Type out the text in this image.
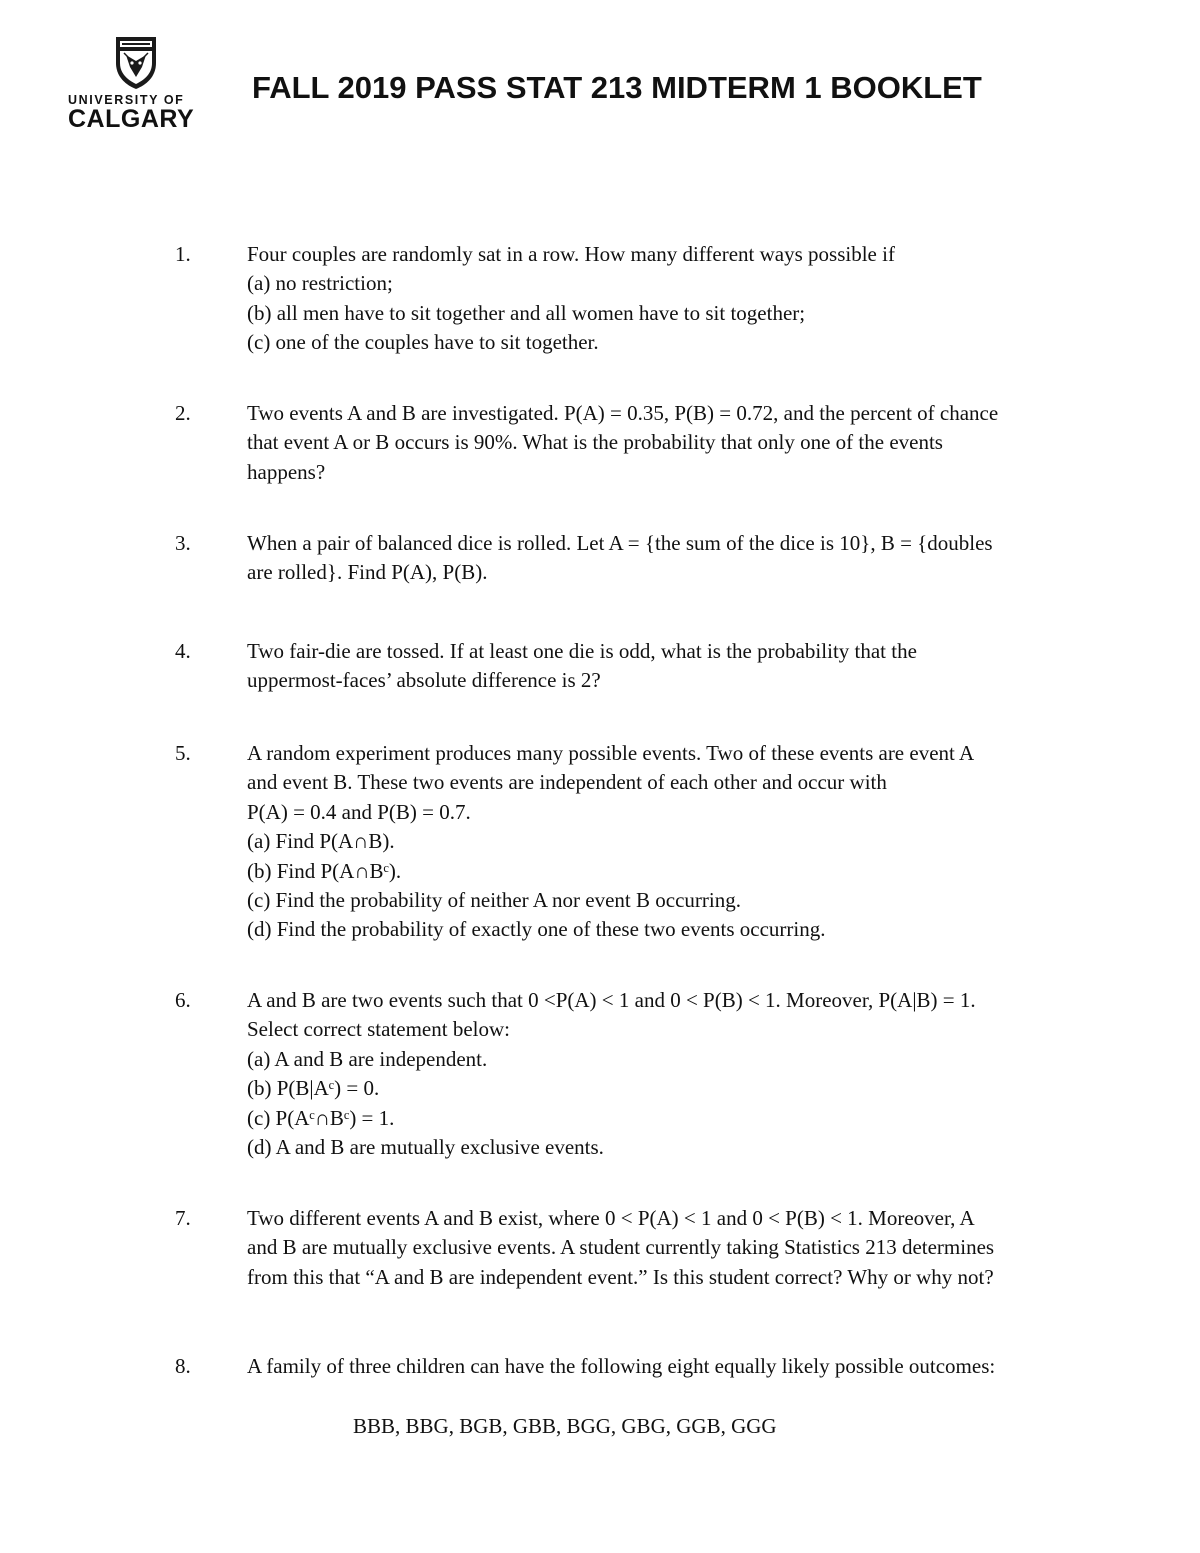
UNIVERSITY OF
CALGARY
FALL 2019 PASS STAT 213 MIDTERM 1 BOOKLET
1.	Four couples are randomly sat in a row. How many different ways possible if
(a) no restriction;
(b) all men have to sit together and all women have to sit together;
(c) one of the couples have to sit together.
2.	Two events A and B are investigated. P(A) = 0.35, P(B) = 0.72, and the percent of chance
that event A or B occurs is 90%. What is the probability that only one of the events
happens?
3.	When a pair of balanced dice is rolled. Let A = {the sum of the dice is 10}, B = {doubles
are rolled}. Find P(A), P(B).
4.	Two fair-die are tossed. If at least one die is odd, what is the probability that the
uppermost-faces’ absolute difference is 2?
5.	A random experiment produces many possible events. Two of these events are event A
and event B. These two events are independent of each other and occur with
P(A) = 0.4 and P(B) = 0.7.
(a) Find P(A∩B).
(b) Find P(A∩Bᶜ).
(c) Find the probability of neither A nor event B occurring.
(d) Find the probability of exactly one of these two events occurring.
6.	A and B are two events such that 0 <P(A) < 1 and 0 < P(B) < 1. Moreover, P(A|B) = 1.
Select correct statement below:
(a) A and B are independent.
(b) P(B|Aᶜ) = 0.
(c) P(Aᶜ∩Bᶜ) = 1.
(d) A and B are mutually exclusive events.
7.	Two different events A and B exist, where 0 < P(A) < 1 and 0 < P(B) < 1. Moreover, A
and B are mutually exclusive events. A student currently taking Statistics 213 determines
from this that “A and B are independent event.” Is this student correct? Why or why not?
8.	A family of three children can have the following eight equally likely possible outcomes:
BBB, BBG, BGB, GBB, BGG, GBG, GGB, GGG
